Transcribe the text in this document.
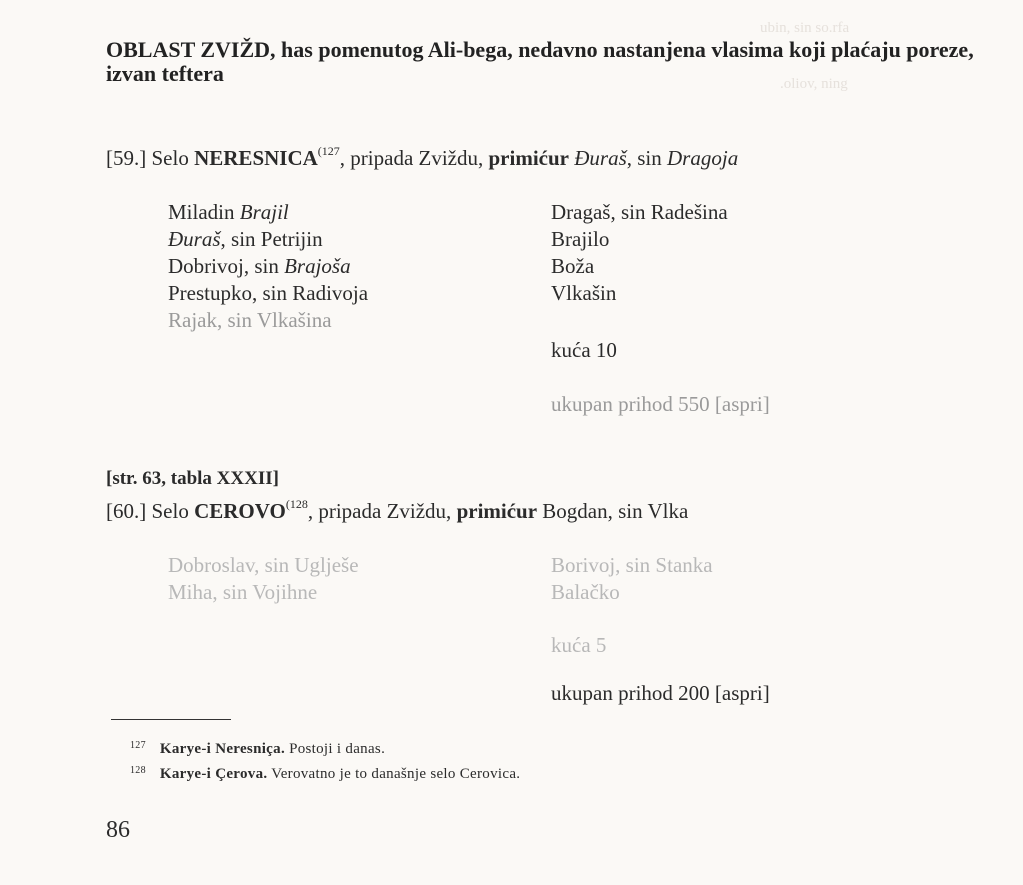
ubin, sin so.rfa
.oliov, ning
OBLAST ZVIŽD, has pomenutog Ali-bega, nedavno nastanjena vlasima koji plaćaju poreze, izvan teftera
[59.] Selo NERESNICA$^{(127}$, pripada Zviždu, primićur Đuraš, sin Dragoja
Miladin Brajil
Đuraš, sin Petrijin
Dobrivoj, sin Brajoša
Prestupko, sin Radivoja
Rajak, sin Vlkašina
Dragaš, sin Radešina
Brajilo
Boža
Vlkašin
kuća 10
ukupan prihod 550 [aspri]
[str. 63, tabla XXXII]
[60.] Selo CEROVO$^{(128}$, pripada Zviždu, primićur Bogdan, sin Vlka
Dobroslav, sin Uglješe
Miha, sin Vojihne
Borivoj, sin Stanka
Balačko
kuća 5
ukupan prihod 200 [aspri]
$^{127}$ Karye-i Neresniça. Postoji i danas.
$^{128}$ Karye-i Çerova. Verovatno je to današnje selo Cerovica.
86
